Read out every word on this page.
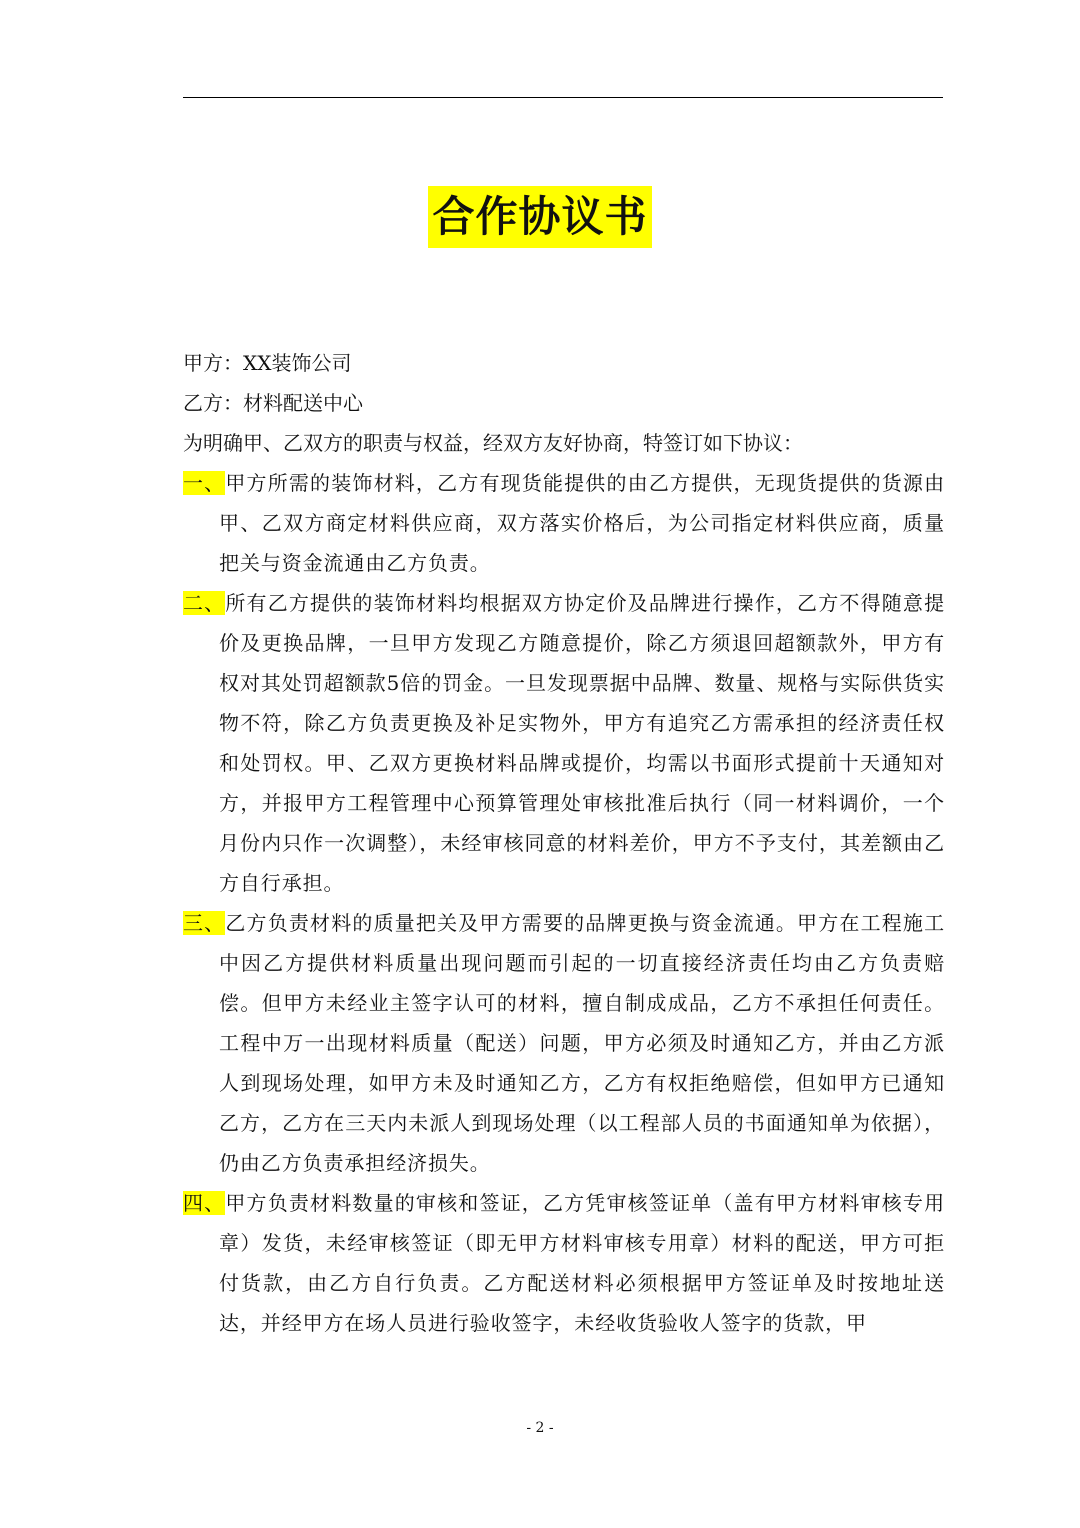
合作协议书
甲方：XX装饰公司
乙方：材料配送中心
为明确甲、乙双方的职责与权益，经双方友好协商，特签订如下协议：

一、甲方所需的装饰材料，乙方有现货能提供的由乙方提供，无现货提供的货源由甲、乙双方商定材料供应商，双方落实价格后，为公司指定材料供应商，质量把关与资金流通由乙方负责。

二、所有乙方提供的装饰材料均根据双方协定价及品牌进行操作，乙方不得随意提价及更换品牌，一旦甲方发现乙方随意提价，除乙方须退回超额款外，甲方有权对其处罚超额款5倍的罚金。一旦发现票据中品牌、数量、规格与实际供货实物不符，除乙方负责更换及补足实物外，甲方有追究乙方需承担的经济责任权和处罚权。甲、乙双方更换材料品牌或提价，均需以书面形式提前十天通知对方，并报甲方工程管理中心预算管理处审核批准后执行（同一材料调价，一个月份内只作一次调整），未经审核同意的材料差价，甲方不予支付，其差额由乙方自行承担。

三、乙方负责材料的质量把关及甲方需要的品牌更换与资金流通。甲方在工程施工中因乙方提供材料质量出现问题而引起的一切直接经济责任均由乙方负责赔偿。但甲方未经业主签字认可的材料，擅自制成成品，乙方不承担任何责任。工程中万一出现材料质量（配送）问题，甲方必须及时通知乙方，并由乙方派人到现场处理，如甲方未及时通知乙方，乙方有权拒绝赔偿，但如甲方已通知乙方，乙方在三天内未派人到现场处理（以工程部人员的书面通知单为依据），仍由乙方负责承担经济损失。

四、甲方负责材料数量的审核和签证，乙方凭审核签证单（盖有甲方材料审核专用章）发货，未经审核签证（即无甲方材料审核专用章）材料的配送，甲方可拒付货款，由乙方自行负责。乙方配送材料必须根据甲方签证单及时按地址送达，并经甲方在场人员进行验收签字，未经收货验收人签字的货款，甲

- 2 -
